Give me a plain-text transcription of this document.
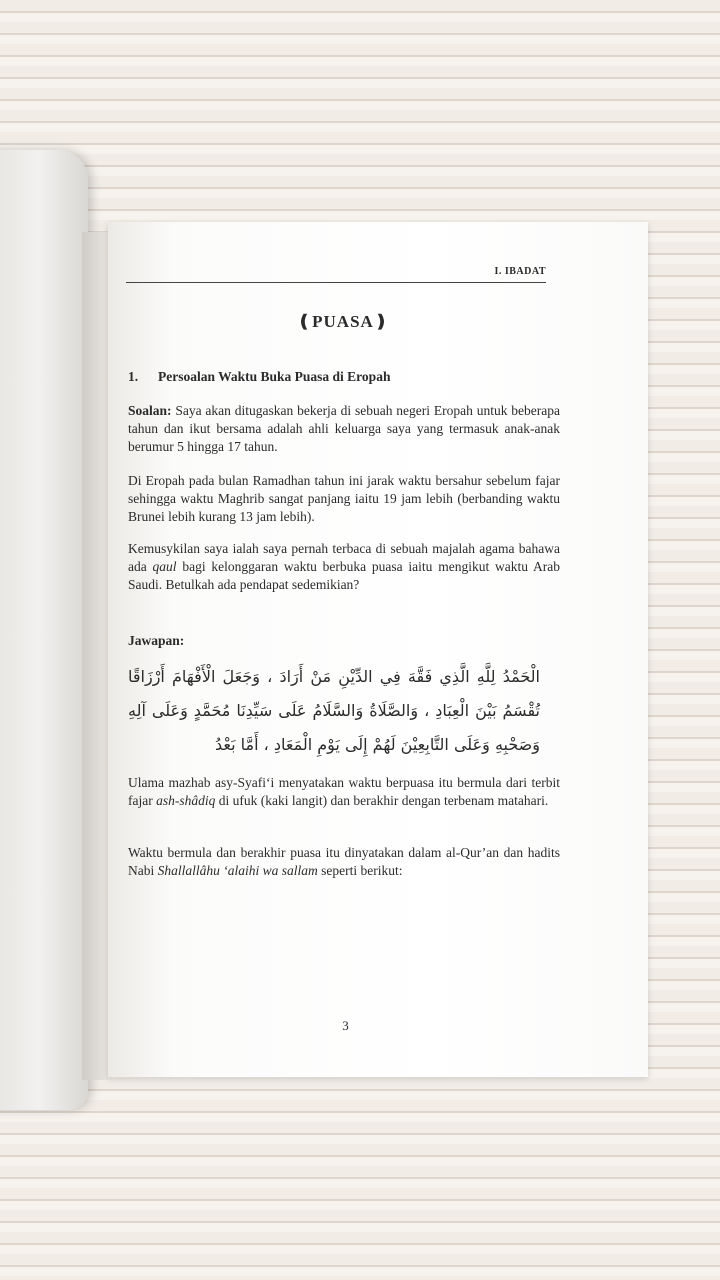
I. IBADAT
❪PUASA❫
1. Persoalan Waktu Buka Puasa di Eropah
Soalan: Saya akan ditugaskan bekerja di sebuah negeri Eropah untuk beberapa tahun dan ikut bersama adalah ahli keluarga saya yang termasuk anak-anak berumur 5 hingga 17 tahun.
Di Eropah pada bulan Ramadhan tahun ini jarak waktu bersahur sebelum fajar sehingga waktu Maghrib sangat panjang iaitu 19 jam lebih (berbanding waktu Brunei lebih kurang 13 jam lebih).
Kemusykilan saya ialah saya pernah terbaca di sebuah majalah agama bahawa ada qaul bagi kelonggaran waktu berbuka puasa iaitu mengikut waktu Arab Saudi. Betulkah ada pendapat sedemikian?
Jawapan:
الْحَمْدُ لِلَّهِ الَّذِي فَقَّهَ فِي الدِّيْنِ مَنْ أَرَادَ ، وَجَعَلَ الْأَفْهَامَ أَرْزَاقًا تُقْسَمُ بَيْنَ الْعِبَادِ ، وَالصَّلَاةُ وَالسَّلَامُ عَلَى سَيِّدِنَا مُحَمَّدٍ وَعَلَى آلِهِ وَصَحْبِهِ وَعَلَى التَّابِعِيْنَ لَهُمْ إِلَى يَوْمِ الْمَعَادِ ، أَمَّا بَعْدُ
Ulama mazhab asy-Syafi‘i menyatakan waktu berpuasa itu bermula dari terbit fajar ash-shâdiq di ufuk (kaki langit) dan berakhir dengan terbenam matahari.
Waktu bermula dan berakhir puasa itu dinyatakan dalam al-Qur’an dan hadits Nabi Shallallâhu ‘alaihi wa sallam seperti berikut:
3
